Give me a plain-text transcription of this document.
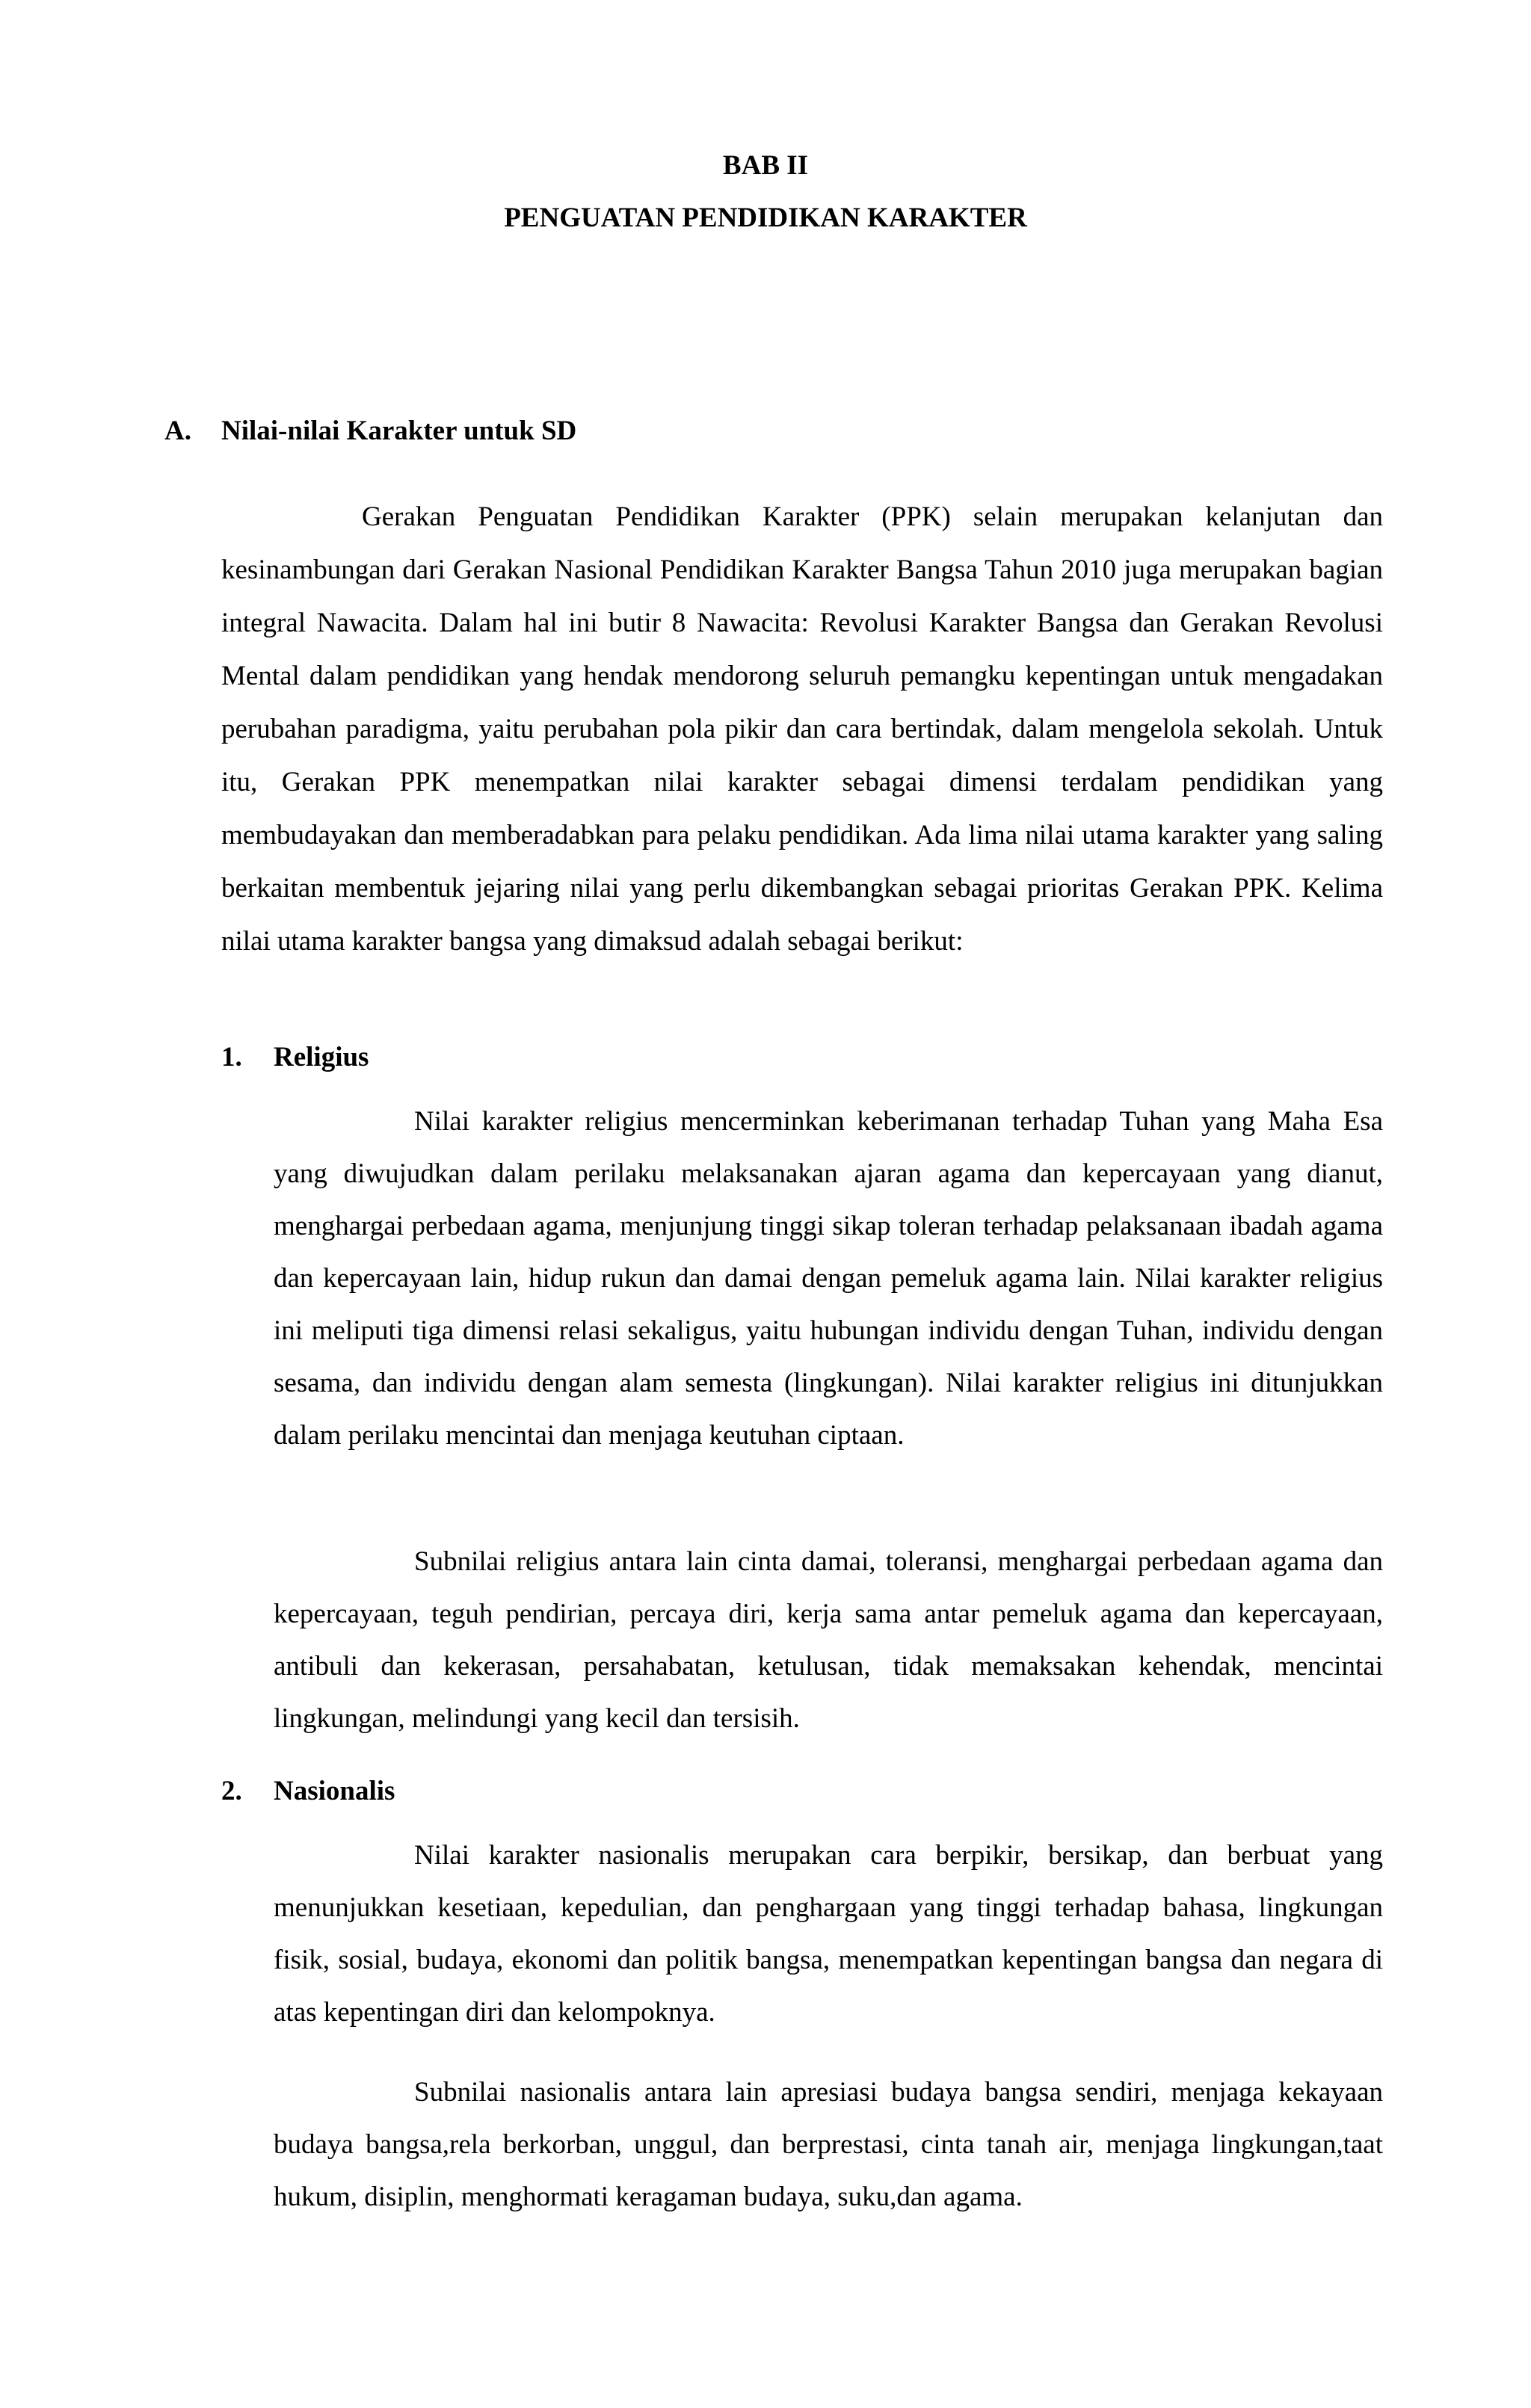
BAB II
PENGUATAN PENDIDIKAN KARAKTER
A. Nilai-nilai Karakter untuk SD

Gerakan Penguatan Pendidikan Karakter (PPK) selain merupakan kelanjutan dan kesinambungan dari Gerakan Nasional Pendidikan Karakter Bangsa Tahun 2010 juga merupakan bagian integral Nawacita. Dalam hal ini butir 8 Nawacita: Revolusi Karakter Bangsa dan Gerakan Revolusi Mental dalam pendidikan yang hendak mendorong seluruh pemangku kepentingan untuk mengadakan perubahan paradigma, yaitu perubahan pola pikir dan cara bertindak, dalam mengelola sekolah. Untuk itu, Gerakan PPK menempatkan nilai karakter sebagai dimensi terdalam pendidikan yang membudayakan dan memberadabkan para pelaku pendidikan. Ada lima nilai utama karakter yang saling berkaitan membentuk jejaring nilai yang perlu dikembangkan sebagai prioritas Gerakan PPK. Kelima nilai utama karakter bangsa yang dimaksud adalah sebagai berikut:

1. Religius

Nilai karakter religius mencerminkan keberimanan terhadap Tuhan yang Maha Esa yang diwujudkan dalam perilaku melaksanakan ajaran agama dan kepercayaan yang dianut, menghargai perbedaan agama, menjunjung tinggi sikap toleran terhadap pelaksanaan ibadah agama dan kepercayaan lain, hidup rukun dan damai dengan pemeluk agama lain. Nilai karakter religius ini meliputi tiga dimensi relasi sekaligus, yaitu hubungan individu dengan Tuhan, individu dengan sesama, dan individu dengan alam semesta (lingkungan). Nilai karakter religius ini ditunjukkan dalam perilaku mencintai dan menjaga keutuhan ciptaan.

Subnilai religius antara lain cinta damai, toleransi, menghargai perbedaan agama dan kepercayaan, teguh pendirian, percaya diri, kerja sama antar pemeluk agama dan kepercayaan, antibuli dan kekerasan, persahabatan, ketulusan, tidak memaksakan kehendak, mencintai lingkungan, melindungi yang kecil dan tersisih.

2. Nasionalis

Nilai karakter nasionalis merupakan cara berpikir, bersikap, dan berbuat yang menunjukkan kesetiaan, kepedulian, dan penghargaan yang tinggi terhadap bahasa, lingkungan fisik, sosial, budaya, ekonomi dan politik bangsa, menempatkan kepentingan bangsa dan negara di atas kepentingan diri dan kelompoknya.

Subnilai nasionalis antara lain apresiasi budaya bangsa sendiri, menjaga kekayaan budaya bangsa,rela berkorban, unggul, dan berprestasi, cinta tanah air, menjaga lingkungan,taat hukum, disiplin, menghormati keragaman budaya, suku,dan agama.
